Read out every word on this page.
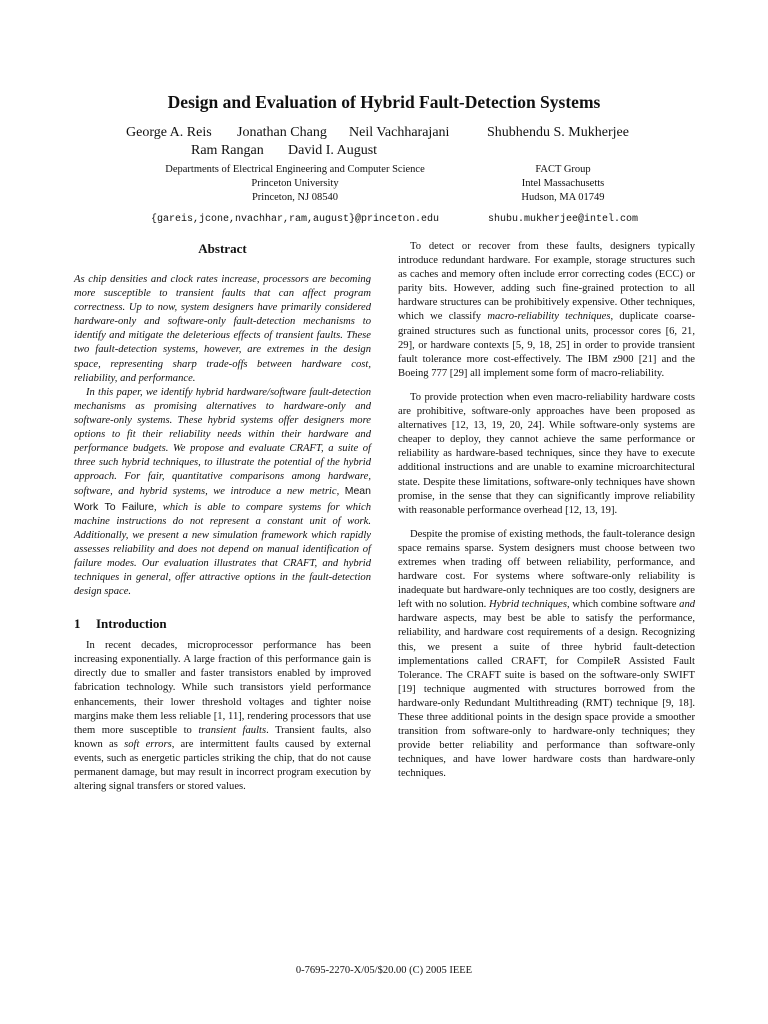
Design and Evaluation of Hybrid Fault-Detection Systems
George A. Reis Jonathan Chang Neil Vachharajani	Shubhendu S. Mukherjee
Ram Rangan David I. August
Departments of Electrical Engineering and Computer Science
Princeton University
Princeton, NJ 08540
{gareis,jcone,nvachhar,ram,august}@princeton.edu
FACT Group
Intel Massachusetts
Hudson, MA 01749
shubu.mukherjee@intel.com
Abstract

As chip densities and clock rates increase, processors are becoming more susceptible to transient faults that can affect program correctness. Up to now, system designers have primarily considered hardware-only and software-only fault-detection mechanisms to identify and mitigate the deleterious effects of transient faults. These two fault-detection systems, however, are extremes in the design space, representing sharp trade-offs between hardware cost, reliability, and performance.

In this paper, we identify hybrid hardware/software fault-detection mechanisms as promising alternatives to hardware-only and software-only systems. These hybrid systems offer designers more options to fit their reliability needs within their hardware and performance budgets. We propose and evaluate CRAFT, a suite of three such hybrid techniques, to illustrate the potential of the hybrid approach. For fair, quantitative comparisons among hardware, software, and hybrid systems, we introduce a new metric, Mean Work To Failure, which is able to compare systems for which machine instructions do not represent a constant unit of work. Additionally, we present a new simulation framework which rapidly assesses reliability and does not depend on manual identification of failure modes. Our evaluation illustrates that CRAFT, and hybrid techniques in general, offer attractive options in the fault-detection design space.

1 Introduction

In recent decades, microprocessor performance has been increasing exponentially. A large fraction of this performance gain is directly due to smaller and faster transistors enabled by improved fabrication technology. While such transistors yield performance enhancements, their lower threshold voltages and tighter noise margins make them less reliable [1, 11], rendering processors that use them more susceptible to transient faults. Transient faults, also known as soft errors, are intermittent faults caused by external events, such as energetic particles striking the chip, that do not cause permanent damage, but may result in incorrect program execution by altering signal transfers or stored values.

To detect or recover from these faults, designers typically introduce redundant hardware. For example, storage structures such as caches and memory often include error correcting codes (ECC) or parity bits. However, adding such fine-grained protection to all hardware structures can be prohibitively expensive. Other techniques, which we classify macro-reliability techniques, duplicate coarse-grained structures such as functional units, processor cores [6, 21, 29], or hardware contexts [5, 9, 18, 25] in order to provide transient fault tolerance more cost-effectively. The IBM z900 [21] and the Boeing 777 [29] all implement some form of macro-reliability.

To provide protection when even macro-reliability hardware costs are prohibitive, software-only approaches have been proposed as alternatives [12, 13, 19, 20, 24]. While software-only systems are cheaper to deploy, they cannot achieve the same performance or reliability as hardware-based techniques, since they have to execute additional instructions and are unable to examine microarchitectural state. Despite these limitations, software-only techniques have shown promise, in the sense that they can significantly improve reliability with reasonable performance overhead [12, 13, 19].

Despite the promise of existing methods, the fault-tolerance design space remains sparse. System designers must choose between two extremes when trading off between reliability, performance, and hardware cost. For systems where software-only reliability is inadequate but hardware-only techniques are too costly, designers are left with no solution. Hybrid techniques, which combine software and hardware aspects, may best be able to satisfy the performance, reliability, and hardware cost requirements of a design. Recognizing this, we present a suite of three hybrid fault-detection implementations called CRAFT, for CompileR Assisted Fault Tolerance. The CRAFT suite is based on the software-only SWIFT [19] technique augmented with structures borrowed from the hardware-only Redundant Multithreading (RMT) technique [9, 18]. These three additional points in the design space provide a smoother transition from software-only to hardware-only techniques; they provide better reliability and performance than software-only techniques, and have lower hardware costs than hardware-only techniques.

0-7695-2270-X/05/$20.00 (C) 2005 IEEE
